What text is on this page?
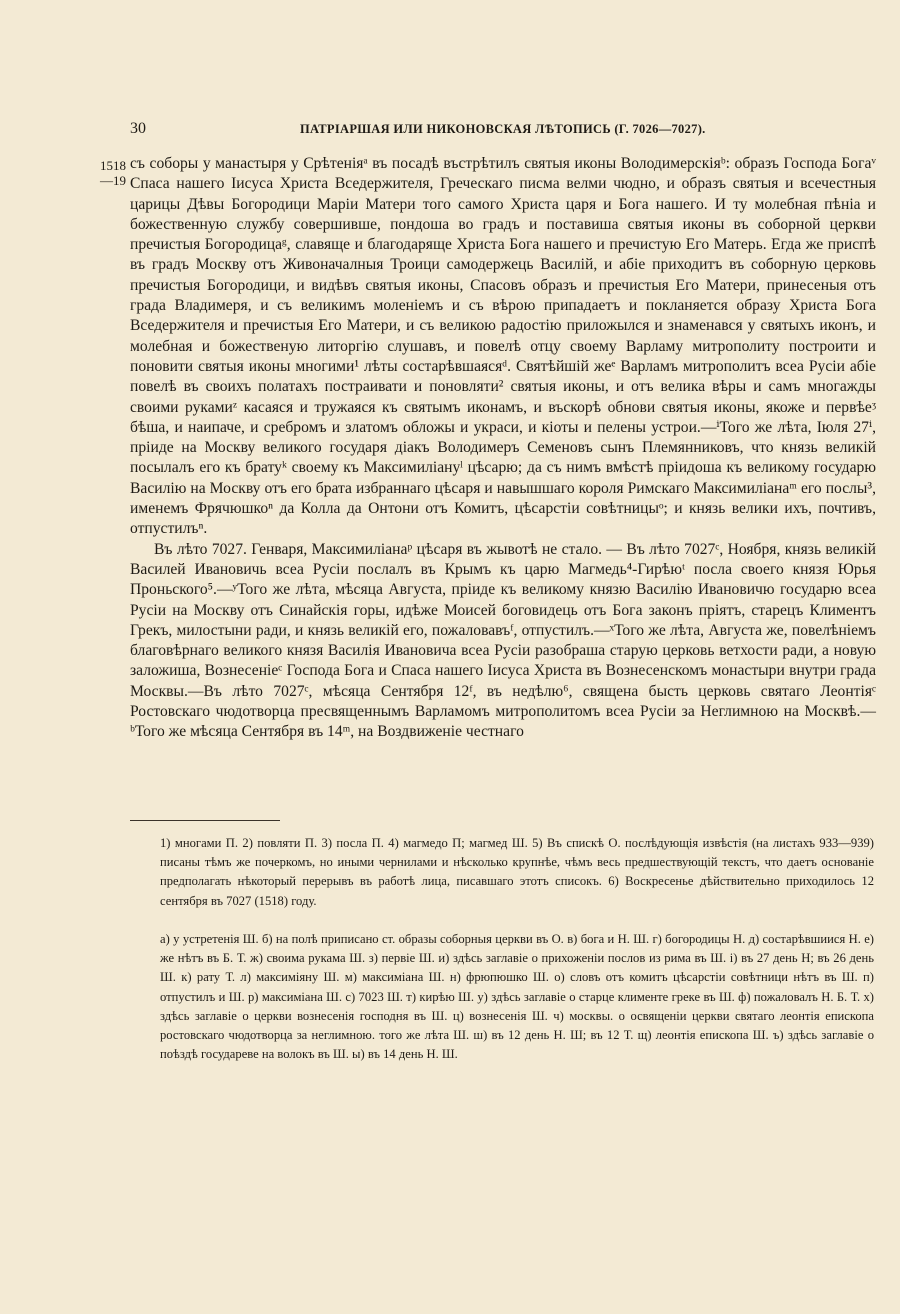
30	ПАТРІАРШАЯ ИЛИ НИКОНОВСКАЯ ЛѢТОПИСЬ (Г. 7026—7027).
1518 —19

съ соборы у манастыря у Срѣтеніяᵃ въ посадѣ въстрѣтилъ святыя иконы Володимерскіяᵇ: образъ Господа Богаᵛ Спаса нашего Іисуса Христа Вседержителя, Греческаго писма велми чюдно, и образъ святыя и всечестныя царицы Дѣвы Богородици Маріи Матери того самого Христа царя и Бога нашего. И ту молебная пѣніа и божественную службу совершивше, пондоша во градъ и поставиша святыя иконы въ соборной церкви пречистыя Богородицаᵍ, славяще и благодаряще Христа Бога нашего и пречистую Его Матерь. Егда же приспѣ въ градъ Москву отъ Живоначалныя Троици самодержець Василій, и абіе приходитъ въ соборную церковь пречистыя Богородици, и видѣвъ святыя иконы, Спасовъ образъ и пречистыя Его Матери, принесеныя отъ града Владимеря, и съ великимъ моленіемъ и съ вѣрою припадаетъ и покланяется образу Христа Бога Вседержителя и пречистыя Его Матери, и съ великою радостію приложылся и знаменався у святыхъ иконъ, и молебная и божественую литоргію слушавъ, и повелѣ отцу своему Варламу митрополиту построити и поновити святыя иконы многими¹ лѣты состарѣвшаясяᵈ. Святѣйшій жеᵉ Варламъ митрополитъ всеа Русіи абіе повелѣ въ своихъ полатахъ пострaивати и поновляти² святыя иконы, и отъ велика вѣры и самъ многажды своими рукамиᶻ касаяся и тружаяся къ святымъ иконамъ, и въскорѣ обнови святыя иконы, якоже и первѣеᶾ бѣша, и наипаче, и сребромъ и златомъ обложы и украси, и кіоты и пелены устрои.—ⁱТого же лѣта, Іюля 27ⁱ, пріиде на Москву великого государя діакъ Володимеръ Семеновъ сынъ Племянниковъ, что князь великій посылалъ его къ братуᵏ своему къ Максимиліануˡ цѣсарю; да съ нимъ вмѣстѣ пріидоша къ великому государю Василію на Москву отъ его брата избраннаго цѣсаря и навышшаго короля Римскаго Максимиліанаᵐ его послы³, именемъ Фрячюшкоⁿ да Колла да Онтони отъ Комитъ, цѣсарстіи совѣтницыᵒ; и князь велики ихъ, почтивъ, отпустилъⁿ.

Въ лѣто 7027. Генваря, Максимиліанаᵖ цѣсаря въ жывотѣ не стало. — Въ лѣто 7027ᶜ, Ноября, князь великій Василей Ивановичь всеа Русіи послалъ въ Крымъ къ царю Магмедь⁴-Гирѣюᵗ посла своего князя Юрья Проньского⁵.—ʸТого же лѣта, мѣсяца Августа, пріиде къ великому князю Василію Ивановичю государю всеа Русіи на Москву отъ Синайскія горы, идѣже Моисей боговидець отъ Бога законъ пріятъ, старецъ Климентъ Грекъ, милостыни ради, и князь великій его, пожаловавъᶠ, отпустилъ.—ˣТого же лѣта, Августа же, повелѣніемъ благовѣрнаго великого князя Василія Ивановича всеа Русіи разобраша старую церковь ветхости ради, а новую заложиша, Вознесеніеᶜ Господа Бога и Спаса нашего Іисуса Христа въ Вознесенскомъ монастыри внутри града Москвы.—Въ лѣто 7027ᶜ, мѣсяца Сентября 12ᶠ, въ недѣлю⁶, священа бысть церковь святаго Леонтіяᶜ Ростовскаго чюдотворца пресвященнымъ Варламомъ митрополитомъ всеа Русіи за Неглимною на Москвѣ.—ᵇТого же мѣсяца Сентября въ 14ᵐ, на Воздвиженіе честнаго

1) многами П. 2) повляти П. 3) посла П. 4) магмедо П; магмед Ш. 5) Въ спискѣ О. послѣдующія извѣстія (на листахъ 933—939) писаны тѣмъ же почеркомъ, но иными чернилами и нѣсколько крупнѣе, чѣмъ весь предшествующій текстъ, что даетъ основаніе предполагать нѣкоторый перерывъ въ работѣ лица, писавшаго этотъ списокъ. 6) Воскресенье дѣйствительно приходилось 12 сентября въ 7027 (1518) году.

а) у устретенія Ш. б) на полѣ приписано ст. образы соборныя церкви въ О. в) бога и Н. Ш. г) богородицы Н. д) состарѣвшиися Н. е) же нѣтъ въ Б. Т. ж) своима рукама Ш. з) первіе Ш. и) здѣсь заглавіе о прихоженіи послов из рима въ Ш. і) въ 27 день Н; въ 26 день Ш. к) рату Т. л) максиміяну Ш. м) максиміана Ш. н) фрюпюшко Ш. о) словъ отъ комитъ цѣсарстіи совѣтници нѣтъ въ Ш. п) отпустилъ и Ш. р) максиміана Ш. с) 7023 Ш. т) кирѣю Ш. у) здѣсь заглавіе о старце клименте греке въ Ш. ф) пожаловалъ Н. Б. Т. х) здѣсь заглавіе о церкви вознесенія господня въ Ш. ц) вознесенія Ш. ч) москвы. о освященіи церкви святаго леонтія епископа ростовскаго чюдотворца за неглимною. того же лѣта Ш. ш) въ 12 день Н. Ш; въ 12 Т. щ) леонтія епископа Ш. ъ) здѣсь заглавіе о поѣздѣ государеве на волокъ въ Ш. ы) въ 14 день Н. Ш.
